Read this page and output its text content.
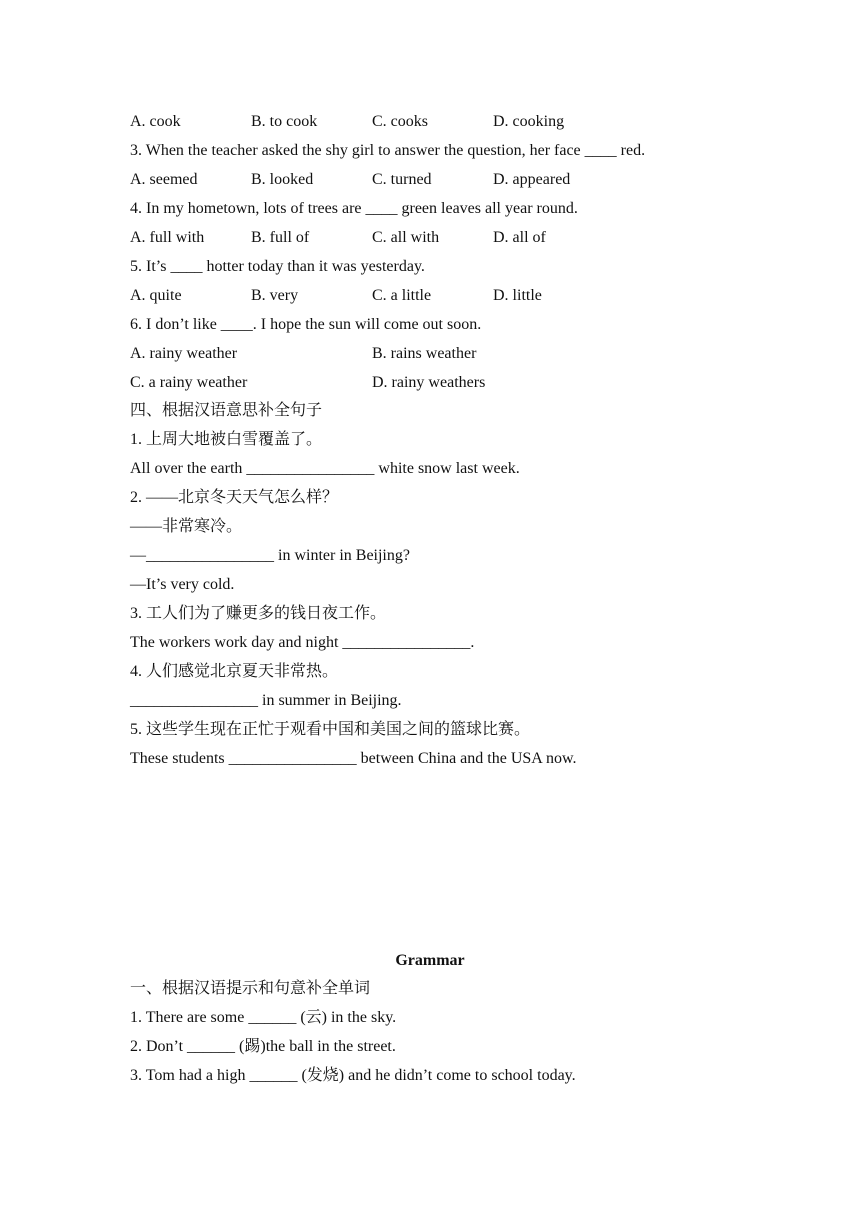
A. cook	B. to cook	C. cooks	D. cooking
3. When the teacher asked the shy girl to answer the question, her face ____ red.
A. seemed	B. looked	C. turned	D. appeared
4. In my hometown, lots of trees are ____ green leaves all year round.
A. full with	B. full of	C. all with	D. all of
5. It’s ____ hotter today than it was yesterday.
A. quite	B. very	C. a little	D. little
6. I don’t like ____. I hope the sun will come out soon.
A. rainy weather	B. rains weather
C. a rainy weather	D. rainy weathers
四、根据汉语意思补全句子
1. 上周大地被白雪覆盖了。
All over the earth ________________ white snow last week.
2. ——北京冬天天气怎么样？
——非常寒冷。
—________________ in winter in Beijing?
—It’s very cold.
3. 工人们为了赚更多的钱日夜工作。
The workers work day and night ________________.
4. 人们感觉北京夏天非常热。
________________ in summer in Beijing.
5. 这些学生现在正忙于观看中国和美国之间的篮球比赛。
These students ________________ between China and the USA now.
Grammar
一、根据汉语提示和句意补全单词
1. There are some ______ (云) in the sky.
2. Don’t ______ (踢)the ball in the street.
3. Tom had a high ______ (发烧) and he didn’t come to school today.
